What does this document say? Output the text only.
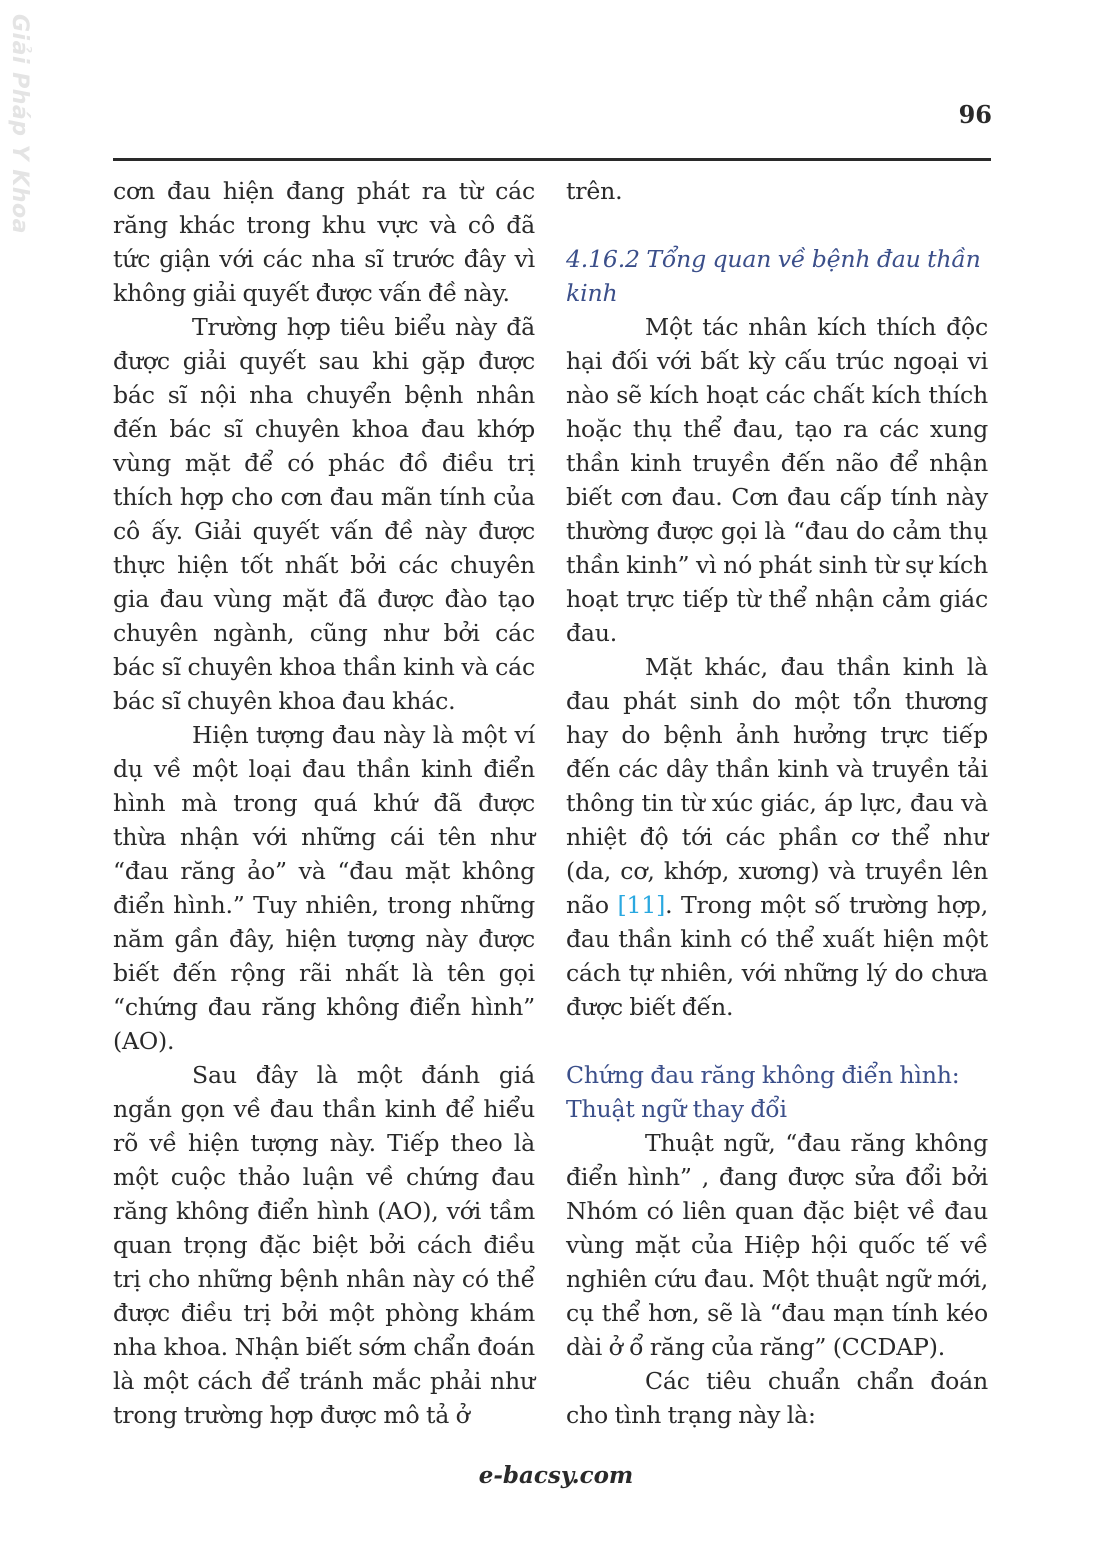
Giải Pháp Y Khoa	96

cơn đau hiện đang phát ra từ các răng khác trong khu vực và cô đã tức giận với các nha sĩ trước đây vì không giải quyết được vấn đề này.

Trường hợp tiêu biểu này đã được giải quyết sau khi gặp được bác sĩ nội nha chuyển bệnh nhân đến bác sĩ chuyên khoa đau khớp vùng mặt để có phác đồ điều trị thích hợp cho cơn đau mãn tính của cô ấy. Giải quyết vấn đề này được thực hiện tốt nhất bởi các chuyên gia đau vùng mặt đã được đào tạo chuyên ngành, cũng như bởi các bác sĩ chuyên khoa thần kinh và các bác sĩ chuyên khoa đau khác.

Hiện tượng đau này là một ví dụ về một loại đau thần kinh điển hình mà trong quá khứ đã được thừa nhận với những cái tên như “đau răng ảo” và “đau mặt không điển hình.” Tuy nhiên, trong những năm gần đây, hiện tượng này được biết đến rộng rãi nhất là tên gọi “chứng đau răng không điển hình” (AO).

Sau đây là một đánh giá ngắn gọn về đau thần kinh để hiểu rõ về hiện tượng này. Tiếp theo là một cuộc thảo luận về chứng đau răng không điển hình (AO), với tầm quan trọng đặc biệt bởi cách điều trị cho những bệnh nhân này có thể được điều trị bởi một phòng khám nha khoa. Nhận biết sớm chẩn đoán là một cách để tránh mắc phải như trong trường hợp được mô tả ở

trên.

4.16.2 Tổng quan về bệnh đau thần kinh

Một tác nhân kích thích độc hại đối với bất kỳ cấu trúc ngoại vi nào sẽ kích hoạt các chất kích thích hoặc thụ thể đau, tạo ra các xung thần kinh truyền đến não để nhận biết cơn đau. Cơn đau cấp tính này thường được gọi là “đau do cảm thụ thần kinh” vì nó phát sinh từ sự kích hoạt trực tiếp từ thể nhận cảm giác đau.

Mặt khác, đau thần kinh là đau phát sinh do một tổn thương hay do bệnh ảnh hưởng trực tiếp đến các dây thần kinh và truyền tải thông tin từ xúc giác, áp lực, đau và nhiệt độ tới các phần cơ thể như (da, cơ, khớp, xương) và truyền lên não [11]. Trong một số trường hợp, đau thần kinh có thể xuất hiện một cách tự nhiên, với những lý do chưa được biết đến.

Chứng đau răng không điển hình: Thuật ngữ thay đổi

Thuật ngữ, “đau răng không điển hình” , đang được sửa đổi bởi Nhóm có liên quan đặc biệt về đau vùng mặt của Hiệp hội quốc tế về nghiên cứu đau. Một thuật ngữ mới, cụ thể hơn, sẽ là “đau mạn tính kéo dài ở ổ răng của răng” (CCDAP).

Các tiêu chuẩn chẩn đoán cho tình trạng này là:

e-bacsy.com
